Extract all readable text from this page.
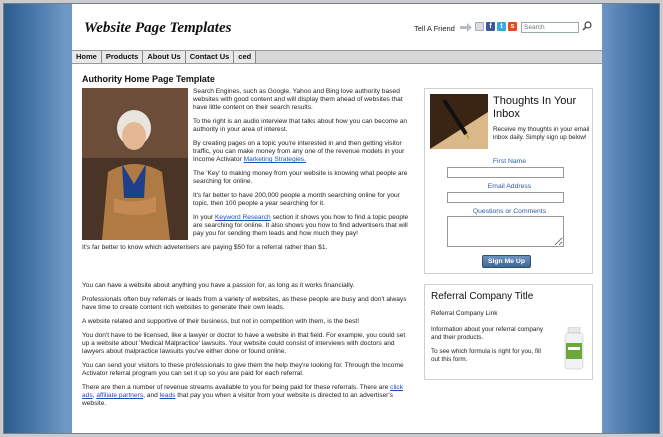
Website Page Templates	Tell A Friend	f	t	s
Search
Home	Products	About Us	Contact Us	ced
Authority Home Page Template

Search Engines, such as Google, Yahoo and Bing love authority based websites with good content and will display them ahead of websites that have little content on their search results.

To the right is an audio interview that talks about how you can become an authority in your area of interest.

By creating pages on a topic you're interested in and then getting visitor traffic, you can make money from any one of the revenue models in your Income Activator Marketing Strategies.

The 'Key' to making money from your website is knowing what people are searching for online.

It's far better to have 200,000 people a month searching online for your topic, then 100 people a year searching for it.

In your Keyword Research section it shows you how to find a topic people are searching for online. It also shows you how to find advertisers that will pay you for sending them leads and how much they pay!

It's far better to know which adveterisers are paying $50 for a referral rather than $1.

You can have a website about anything you have a passion for, as long as it works financially.

Professionals often buy referrals or leads from a variety of websites, as these people are busy and don't always have time to create content rich websites to generate their own leads.

A website related and supportive of their business, but not in competition with them, is the best!

You don't have to be licensed, like a lawyer or doctor to have a website in that field. For example, you could set up a website about 'Medical Malpractice' lawsuits. Your website could consist of interviews with doctors and lawyers about malpractice lawsuits you've either done or found online.

You can send your visitors to these professionals to give them the help they're looking for. Through the Income Activator referral program you can set it up so you are paid for each referral.

There are then a number of revenue streams available to you for being paid for these referrals. There are click ads, affiliate partners, and leads that pay you when a visitor from your website is directed to an advertiser's website.

Thoughts In Your Inbox
Receive my thoughts in your email inbox daily. Simply sign up below!
First Name
Email Address
Questions or Comments
Sign Me Up
Referral Company Title
Referral Company Link
Information about your referral company and their products.
To see which formula is right for you, fill out this form.
